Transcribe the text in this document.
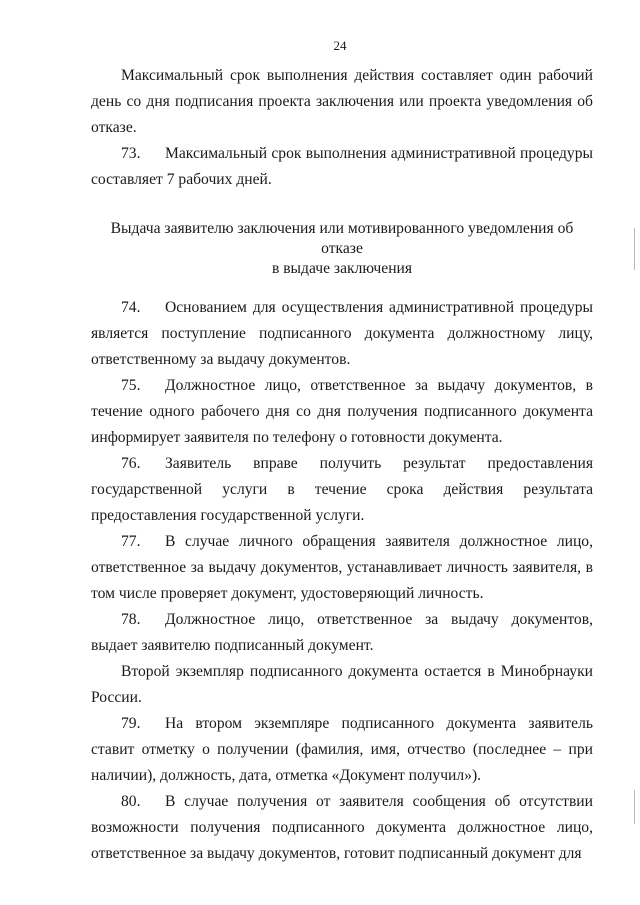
24

Максимальный срок выполнения действия составляет один рабочий день со дня подписания проекта заключения или проекта уведомления об отказе.

73. Максимальный срок выполнения административной процедуры составляет 7 рабочих дней.

Выдача заявителю заключения или мотивированного уведомления об отказе
в выдаче заключения

74. Основанием для осуществления административной процедуры является поступление подписанного документа должностному лицу, ответственному за выдачу документов.

75. Должностное лицо, ответственное за выдачу документов, в течение одного рабочего дня со дня получения подписанного документа информирует заявителя по телефону о готовности документа.

76. Заявитель вправе получить результат предоставления государственной услуги в течение срока действия результата предоставления государственной услуги.

77. В случае личного обращения заявителя должностное лицо, ответственное за выдачу документов, устанавливает личность заявителя, в том числе проверяет документ, удостоверяющий личность.

78. Должностное лицо, ответственное за выдачу документов, выдает заявителю подписанный документ.

Второй экземпляр подписанного документа остается в Минобрнауки России.

79. На втором экземпляре подписанного документа заявитель ставит отметку о получении (фамилия, имя, отчество (последнее – при наличии), должность, дата, отметка «Документ получил»).

80. В случае получения от заявителя сообщения об отсутствии возможности получения подписанного документа должностное лицо, ответственное за выдачу документов, готовит подписанный документ для
